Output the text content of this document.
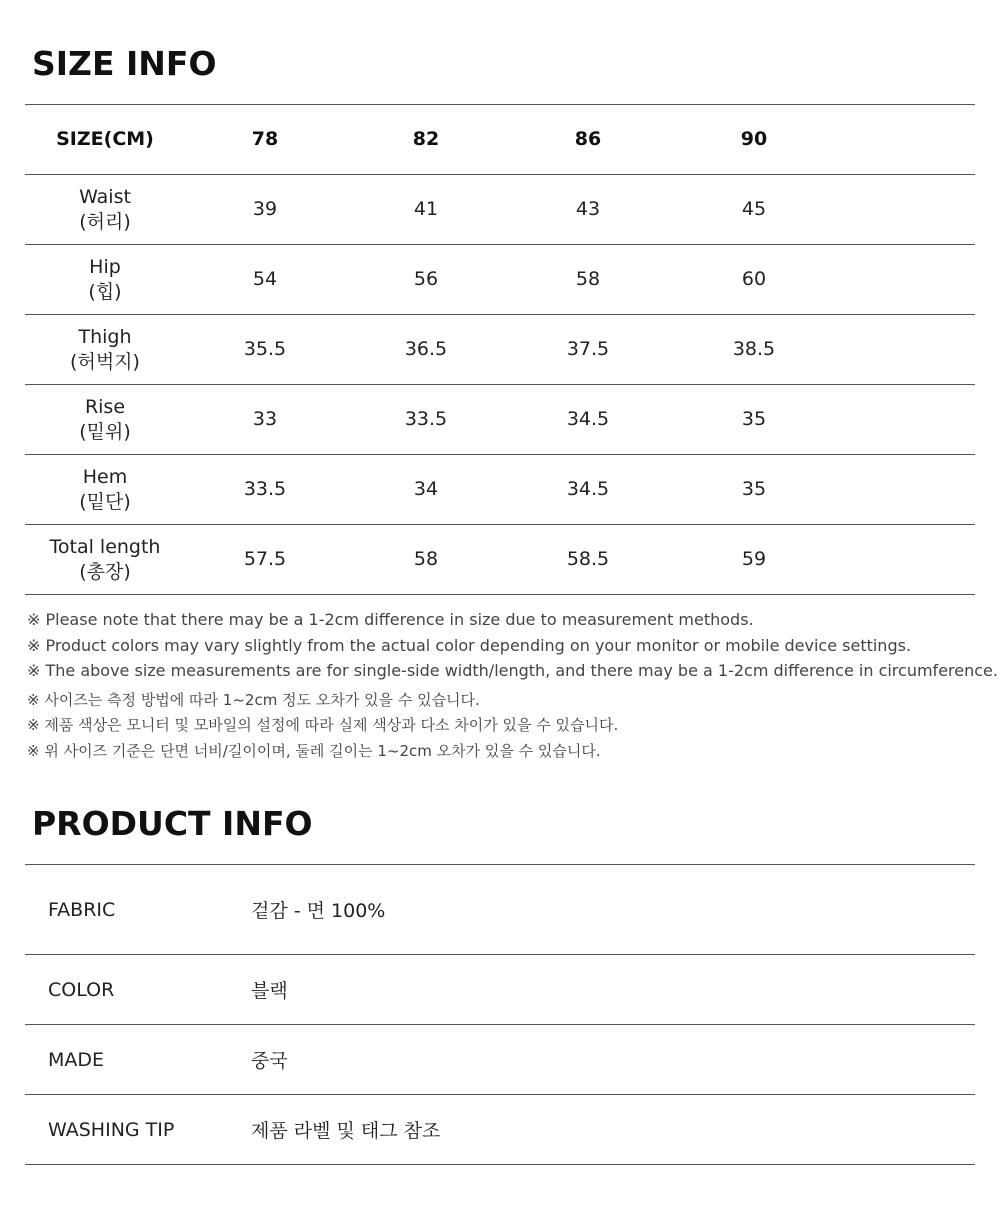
SIZE INFO
SIZE(CM)	78	82	86	90	

Waist
(허리)	39	41	43	45	

Hip
(힙)	54	56	58	60	

Thigh
(허벅지)	35.5	36.5	37.5	38.5	

Rise
(밑위)	33	33.5	34.5	35	

Hem
(밑단)	33.5	34	34.5	35	

Total length
(총장)	57.5	58	58.5	59	
※ Please note that there may be a 1-2cm difference in size due to measurement methods.
※ Product colors may vary slightly from the actual color depending on your monitor or mobile device settings.
※ The above size measurements are for single-side width/length, and there may be a 1-2cm difference in circumference.
※ 사이즈는 측정 방법에 따라 1~2cm 정도 오차가 있을 수 있습니다.
※ 제품 색상은 모니터 및 모바일의 설정에 따라 실제 색상과 다소 차이가 있을 수 있습니다.
※ 위 사이즈 기준은 단면 너비/길이이며, 둘레 길이는 1~2cm 오차가 있을 수 있습니다.
PRODUCT INFO
FABRIC	겉감 - 면 100%
COLOR	블랙
MADE	중국
WASHING TIP	제품 라벨 및 태그 참조
